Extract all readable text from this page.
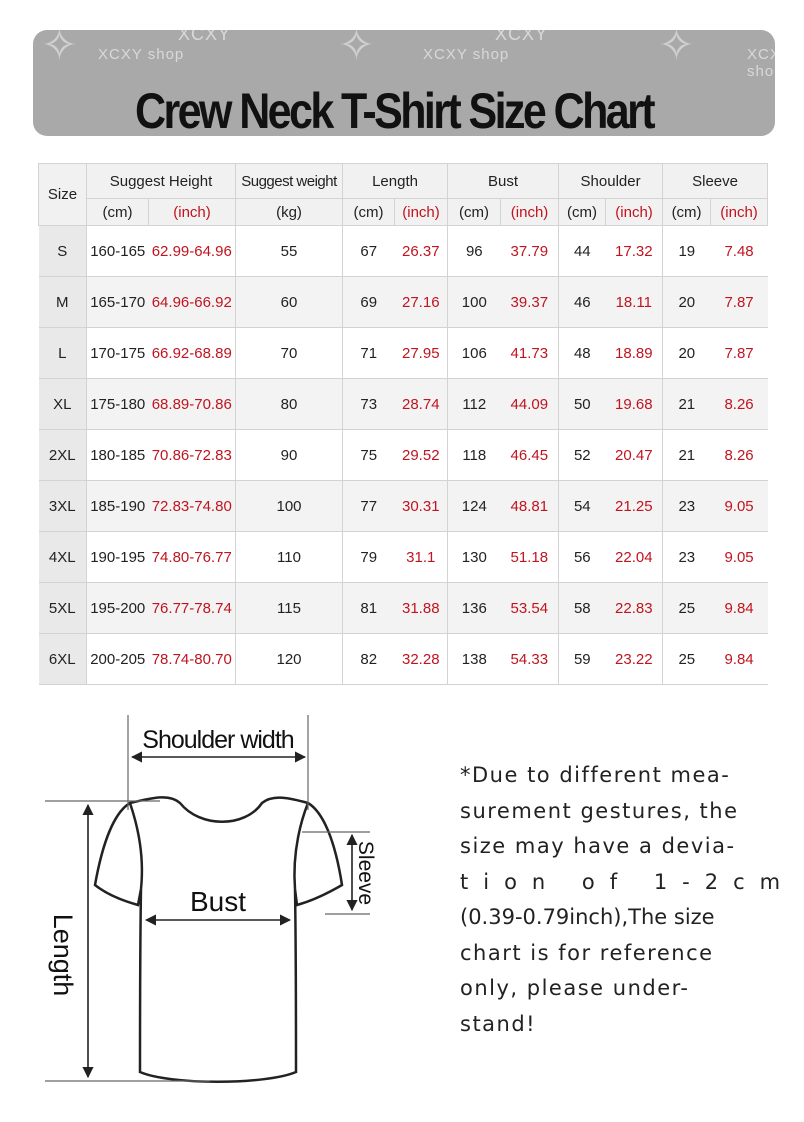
✧ XCXY shop
XCXY ✧	XCXY shop
XCXY ✧	XCXY shop
Crew Neck T-Shirt Size Chart
Size	Suggest Height		Suggest weight	Length		Bust		Shoulder		Sleeve	
	(cm)	(inch)	(kg)	(cm)	(inch)	(cm)	(inch)	(cm)	(inch)	(cm)	(inch)
S	160-165	62.99-64.96	55	67	26.37	96	37.79	44	17.32	19	7.48
M	165-170	64.96-66.92	60	69	27.16	100	39.37	46	18.11	20	7.87
L	170-175	66.92-68.89	70	71	27.95	106	41.73	48	18.89	20	7.87
XL	175-180	68.89-70.86	80	73	28.74	112	44.09	50	19.68	21	8.26
2XL	180-185	70.86-72.83	90	75	29.52	118	46.45	52	20.47	21	8.26
3XL	185-190	72.83-74.80	100	77	30.31	124	48.81	54	21.25	23	9.05
4XL	190-195	74.80-76.77	110	79	31.1	130	51.18	56	22.04	23	9.05
5XL	195-200	76.77-78.74	115	81	31.88	136	53.54	58	22.83	25	9.84
6XL	200-205	78.74-80.70	120	82	32.28	138	54.33	59	23.22	25	9.84
Shoulder width
Bust
Length
Sleeve
*Due to different mea-
surement gestures, the
size may have a devia-
tion of 1-2cm
(0.39-0.79inch),The size
chart is for reference
only, please under-
stand!
